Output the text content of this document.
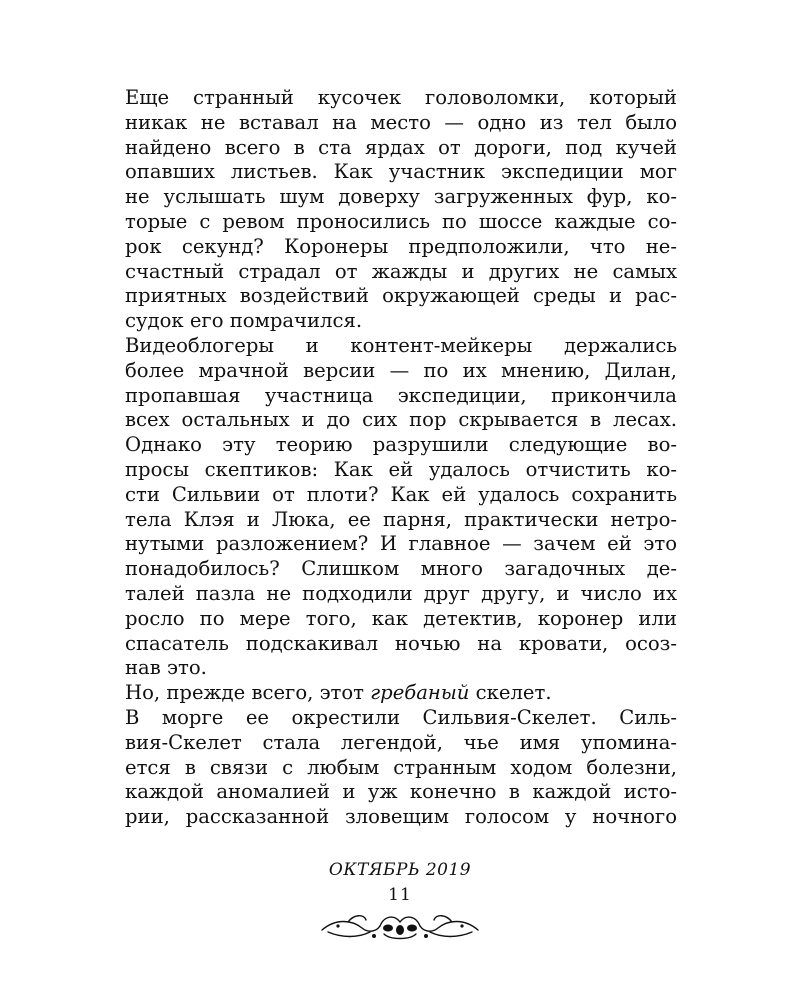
Еще странный кусочек головоломки, который
никак не вставал на место — одно из тел было
найдено всего в ста ярдах от дороги, под кучей
опавших листьев. Как участник экспедиции мог
не услышать шум доверху загруженных фур, ко-
торые с ревом проносились по шоссе каждые со-
рок секунд? Коронеры предположили, что не-
счастный страдал от жажды и других не самых
приятных воздействий окружающей среды и рас-
судок его помрачился.
Видеоблогеры и контент-мейкеры держались
более мрачной версии — по их мнению, Дилан,
пропавшая участница экспедиции, прикончила
всех остальных и до сих пор скрывается в лесах.
Однако эту теорию разрушили следующие во-
просы скептиков: Как ей удалось отчистить ко-
сти Сильвии от плоти? Как ей удалось сохранить
тела Клэя и Люка, ее парня, практически нетро-
нутыми разложением? И главное — зачем ей это
понадобилось? Слишком много загадочных де-
талей пазла не подходили друг другу, и число их
росло по мере того, как детектив, коронер или
спасатель подскакивал ночью на кровати, осоз-
нав это.
Но, прежде всего, этот гребаный скелет.
В морге ее окрестили Сильвия-Скелет. Силь-
вия-Скелет стала легендой, чье имя упомина-
ется в связи с любым странным ходом болезни,
каждой аномалией и уж конечно в каждой исто-
рии, рассказанной зловещим голосом у ночного
ОКТЯБРЬ 2019
11
